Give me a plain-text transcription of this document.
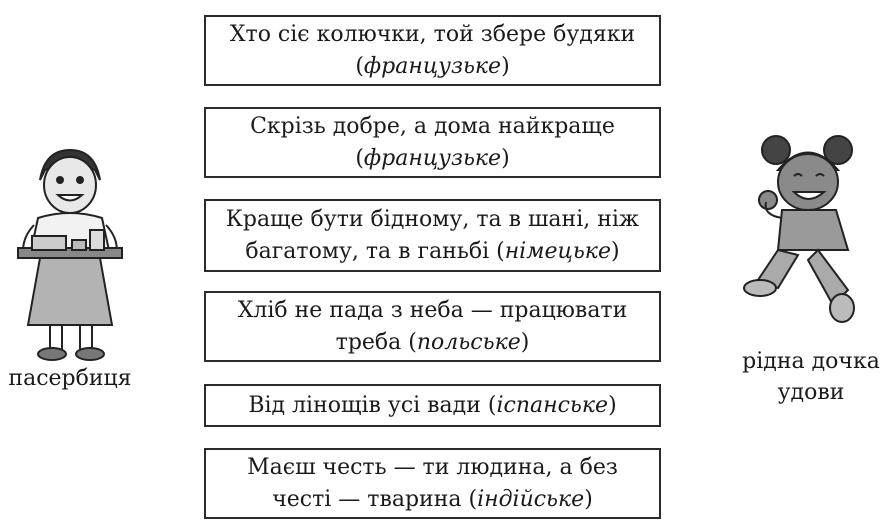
пасербиця
рідна дочка
удови
Хто сіє колючки, той збере будяки
(французьке)
Скрізь добре, а дома найкраще
(французьке)
Краще бути бідному, та в шані, ніж
багатому, та в ганьбі (німецьке)
Хліб не пада з неба — працювати
треба (польське)
Від лінощів усі вади (іспанське)
Маєш честь — ти людина, а без
честі — тварина (індійське)
